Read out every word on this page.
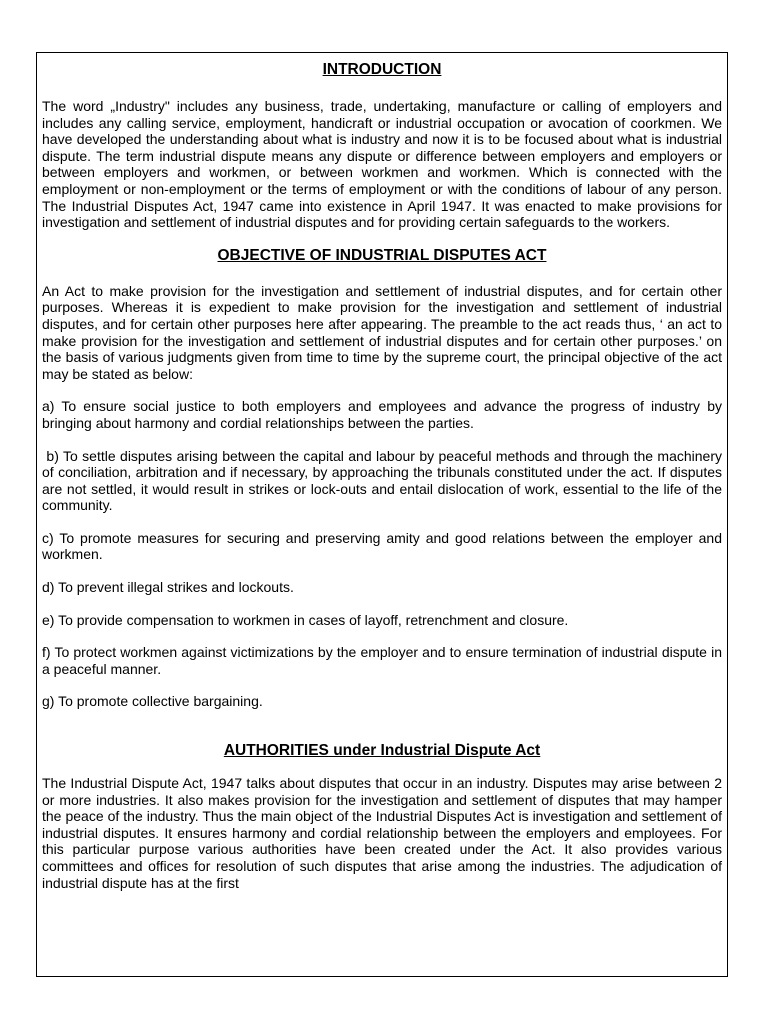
INTRODUCTION

The word „Industry" includes any business, trade, undertaking, manufacture or calling of employers and includes any calling service, employment, handicraft or industrial occupation or avocation of coorkmen. We have developed the understanding about what is industry and now it is to be focused about what is industrial dispute. The term industrial dispute means any dispute or difference between employers and employers or between employers and workmen, or between workmen and workmen. Which is connected with the employment or non-employment or the terms of employment or with the conditions of labour of any person. The Industrial Disputes Act, 1947 came into existence in April 1947. It was enacted to make provisions for investigation and settlement of industrial disputes and for providing certain safeguards to the workers.

OBJECTIVE OF INDUSTRIAL DISPUTES ACT

An Act to make provision for the investigation and settlement of industrial disputes, and for certain other purposes. Whereas it is expedient to make provision for the investigation and settlement of industrial disputes, and for certain other purposes here after appearing. The preamble to the act reads thus, ‘ an act to make provision for the investigation and settlement of industrial disputes and for certain other purposes.’ on the basis of various judgments given from time to time by the supreme court, the principal objective of the act may be stated as below:

a) To ensure social justice to both employers and employees and advance the progress of industry by bringing about harmony and cordial relationships between the parties.

b) To settle disputes arising between the capital and labour by peaceful methods and through the machinery of conciliation, arbitration and if necessary, by approaching the tribunals constituted under the act. If disputes are not settled, it would result in strikes or lock-outs and entail dislocation of work, essential to the life of the community.

c) To promote measures for securing and preserving amity and good relations between the employer and workmen.

d) To prevent illegal strikes and lockouts.

e) To provide compensation to workmen in cases of layoff, retrenchment and closure.

f) To protect workmen against victimizations by the employer and to ensure termination of industrial dispute in a peaceful manner.

g) To promote collective bargaining.

AUTHORITIES under Industrial Dispute Act

The Industrial Dispute Act, 1947 talks about disputes that occur in an industry. Disputes may arise between 2 or more industries. It also makes provision for the investigation and settlement of disputes that may hamper the peace of the industry. Thus the main object of the Industrial Disputes Act is investigation and settlement of industrial disputes. It ensures harmony and cordial relationship between the employers and employees. For this particular purpose various authorities have been created under the Act. It also provides various committees and offices for resolution of such disputes that arise among the industries. The adjudication of industrial dispute has at the first
